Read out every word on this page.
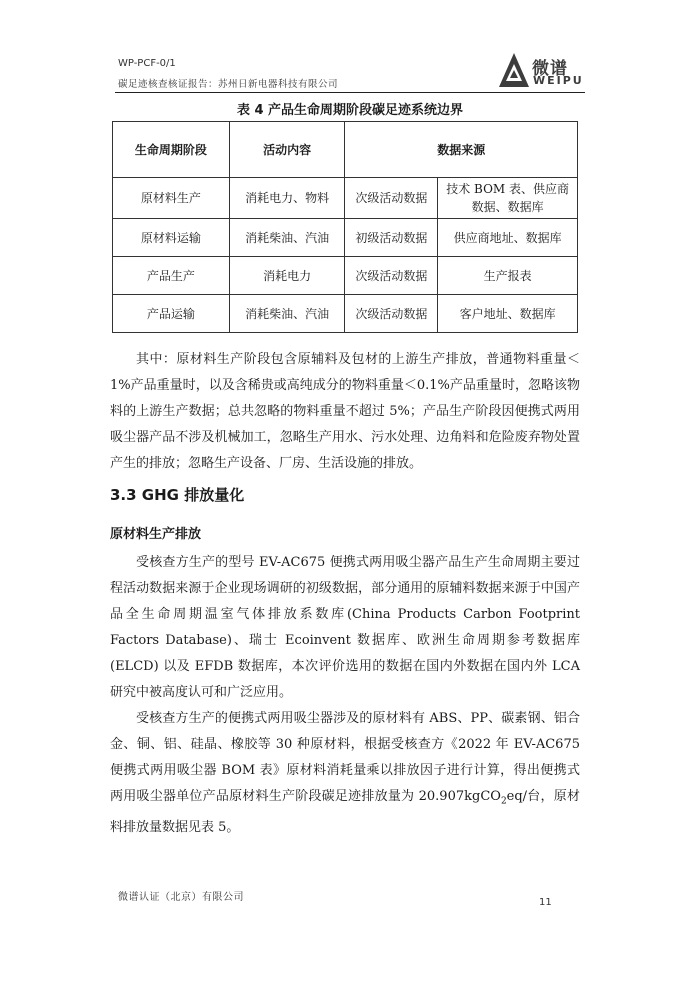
WP-PCF-0/1
碳足迹核查核证报告：苏州日新电器科技有限公司
微谱
WEIPU
表 4 产品生命周期阶段碳足迹系统边界
生命周期阶段	活动内容	数据来源	
原材料生产	消耗电力、物料	次级活动数据	技术 BOM 表、供应商数据、数据库
原材料运输	消耗柴油、汽油	初级活动数据	供应商地址、数据库
产品生产	消耗电力	次级活动数据	生产报表
产品运输	消耗柴油、汽油	次级活动数据	客户地址、数据库

其中：原材料生产阶段包含原辅料及包材的上游生产排放，普通物料重量＜1%产品重量时，以及含稀贵或高纯成分的物料重量＜0.1%产品重量时，忽略该物料的上游生产数据；总共忽略的物料重量不超过 5%；产品生产阶段因便携式两用吸尘器产品不涉及机械加工，忽略生产用水、污水处理、边角料和危险废弃物处置产生的排放；忽略生产设备、厂房、生活设施的排放。

3.3 GHG 排放量化
原材料生产排放

受核查方生产的型号 EV-AC675 便携式两用吸尘器产品生产生命周期主要过程活动数据来源于企业现场调研的初级数据，部分通用的原辅料数据来源于中国产品全生命周期温室气体排放系数库(China Products Carbon Footprint Factors Database)、瑞士 Ecoinvent 数据库、欧洲生命周期参考数据库 (ELCD) 以及 EFDB 数据库，本次评价选用的数据在国内外数据在国内外 LCA 研究中被高度认可和广泛应用。

受核查方生产的便携式两用吸尘器涉及的原材料有 ABS、PP、碳素钢、铝合金、铜、铝、硅晶、橡胶等 30 种原材料，根据受核查方《2022 年 EV-AC675 便携式两用吸尘器 BOM 表》原材料消耗量乘以排放因子进行计算，得出便携式两用吸尘器单位产品原材料生产阶段碳足迹排放量为 20.907kgCO$_2$eq/台，原材料排放量数据见表 5。

微谱认证（北京）有限公司	11
